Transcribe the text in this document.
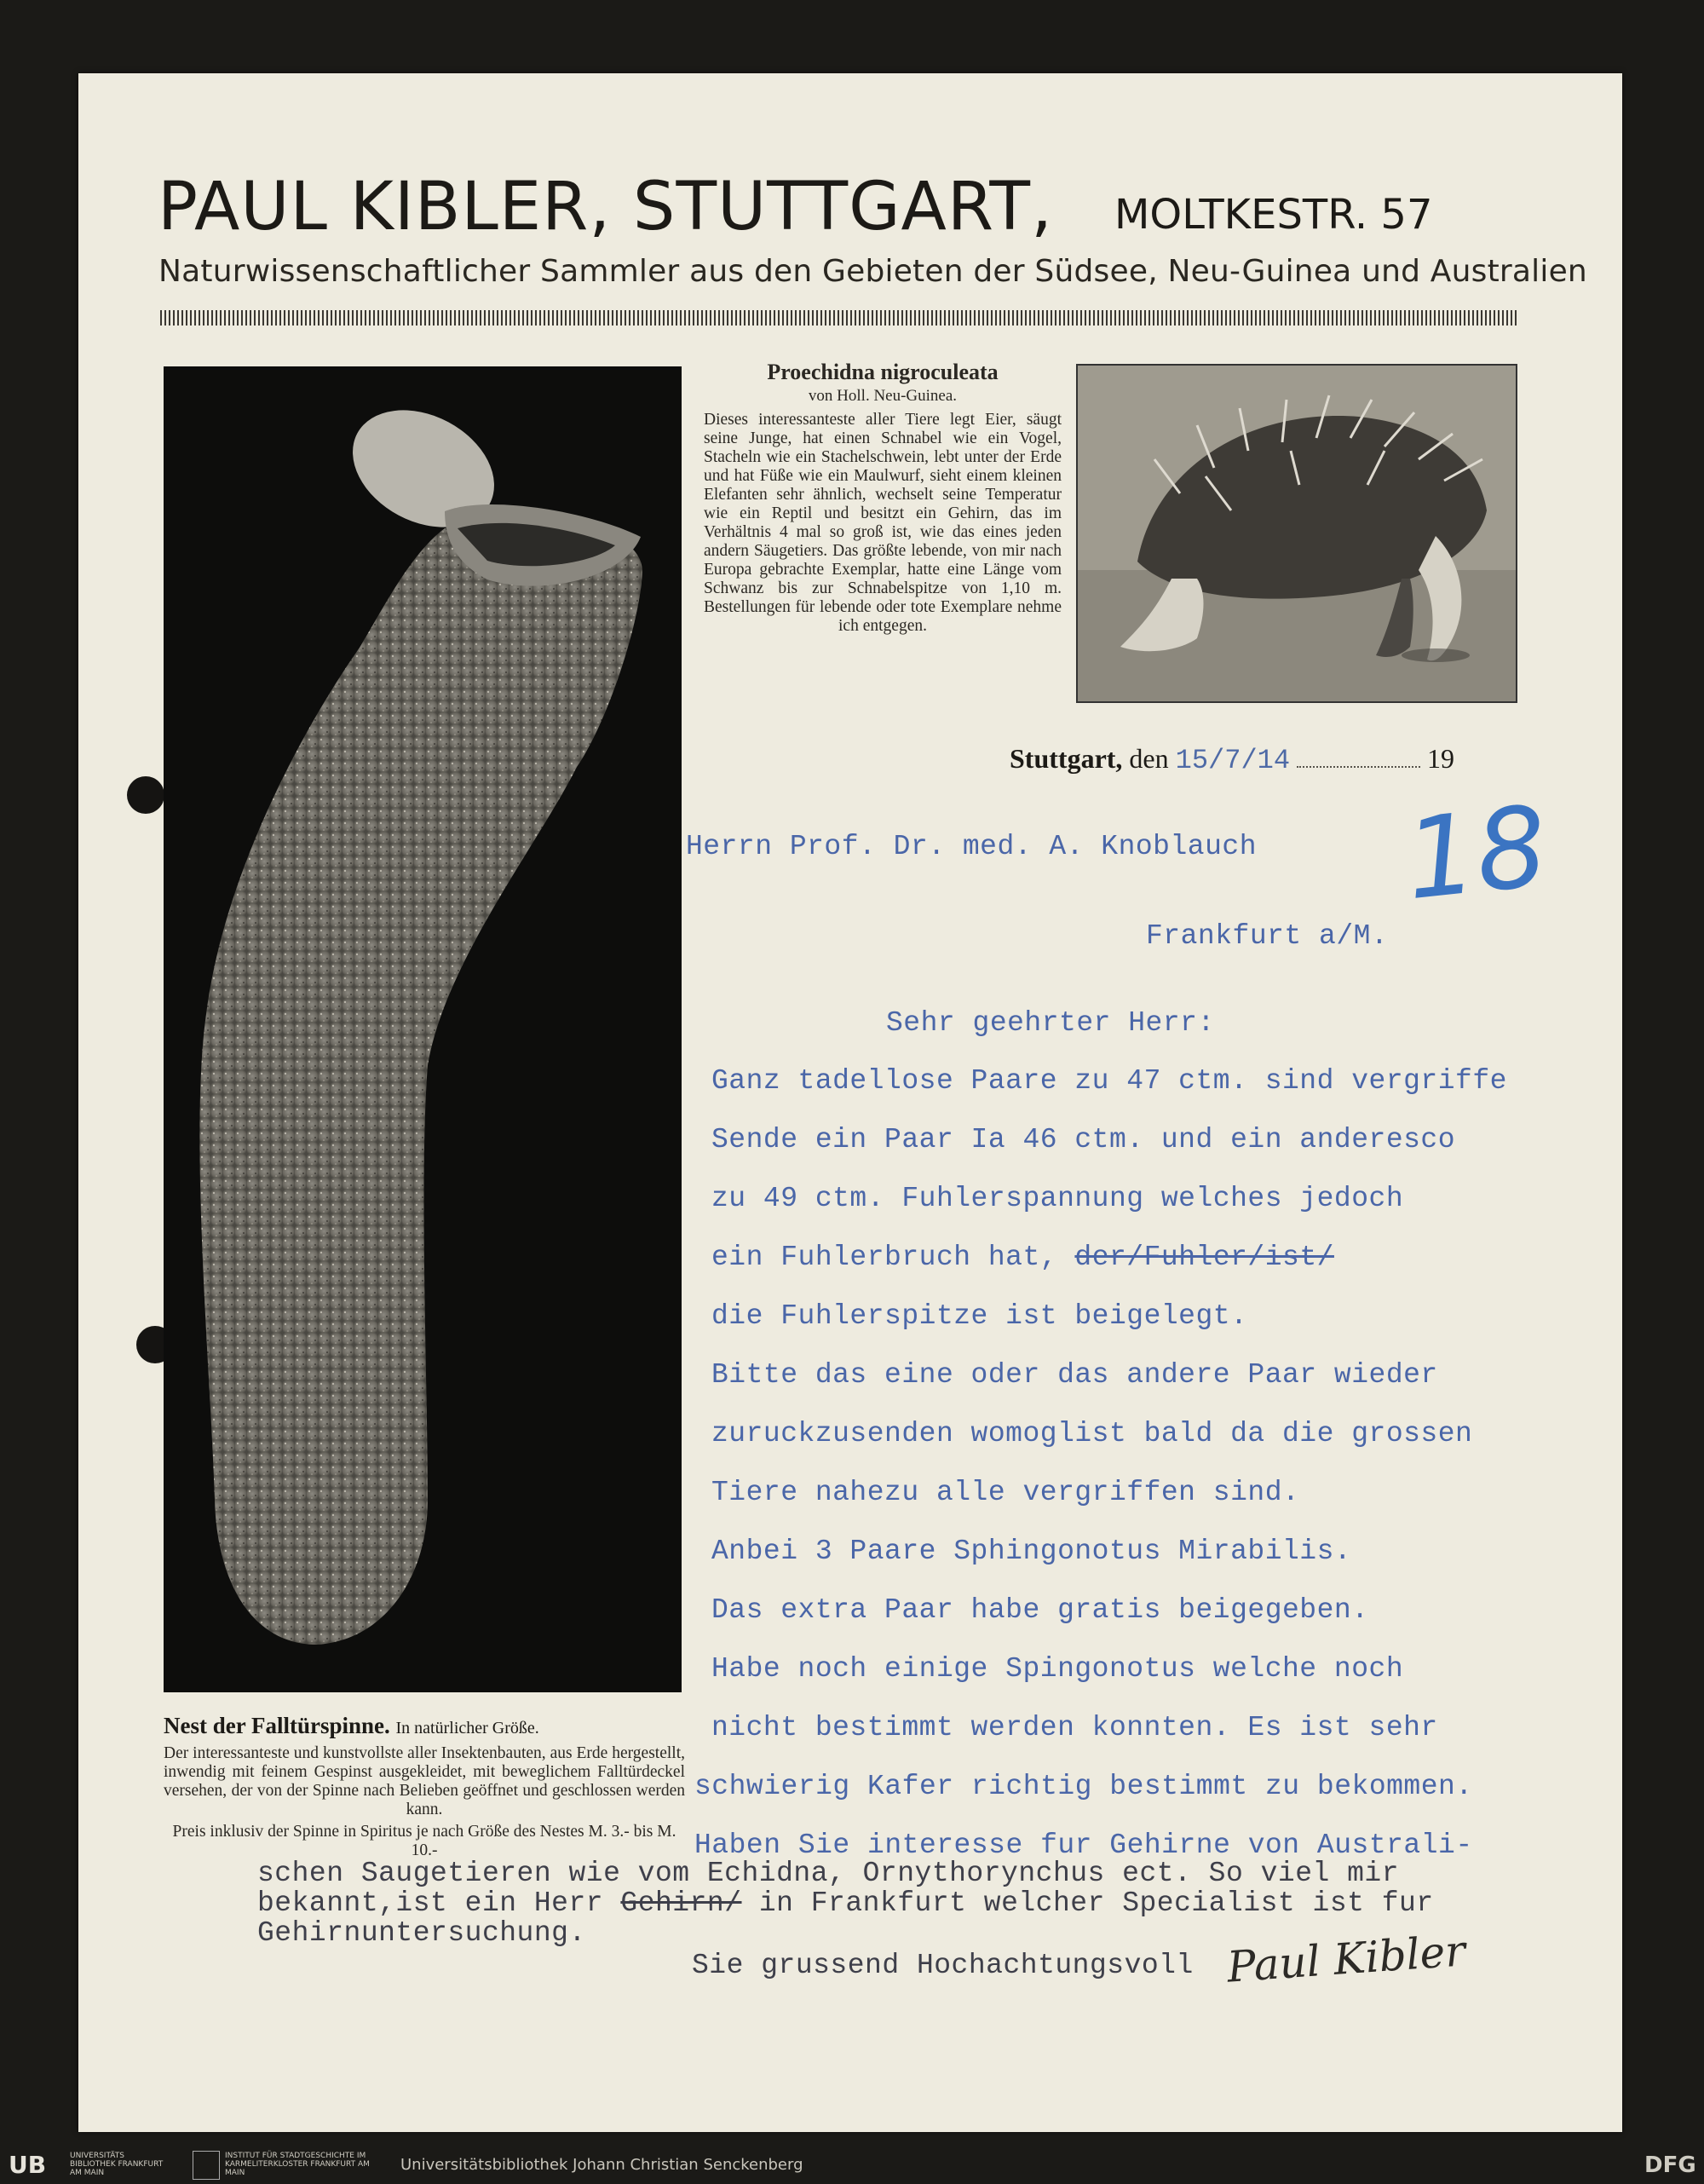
PAUL KIBLER, STUTTGART, MOLTKESTR. 57
Naturwissenschaftlicher Sammler aus den Gebieten der Südsee, Neu-Guinea und Australien
Nest der Falltürspinne. In natürlicher Größe.
Der interessanteste und kunstvollste aller Insektenbauten, aus Erde hergestellt, inwendig mit feinem Gespinst ausgekleidet, mit beweglichem Falltürdeckel versehen, der von der Spinne nach Belieben geöffnet und geschlossen werden kann.
Preis inklusiv der Spinne in Spiritus je nach Größe des Nestes M. 3.- bis M. 10.-
Proechidna nigroculeata
von Holl. Neu-Guinea.
Dieses interessanteste aller Tiere legt Eier, säugt seine Junge, hat einen Schnabel wie ein Vogel, Stacheln wie ein Stachelschwein, lebt unter der Erde und hat Füße wie ein Maulwurf, sieht einem kleinen Elefanten sehr ähnlich, wechselt seine Temperatur wie ein Reptil und besitzt ein Gehirn, das im Verhältnis 4 mal so groß ist, wie das eines jeden andern Säugetiers. Das größte lebende, von mir nach Europa gebrachte Exemplar, hatte eine Länge vom Schwanz bis zur Schnabelspitze von 1,10 m. Bestellungen für lebende oder tote Exemplare nehme ich entgegen.
Stuttgart, den 15/7/14	19
18
Herrn Prof. Dr. med. A. Knoblauch
Frankfurt a/M.
Sehr geehrter Herr:
Ganz tadellose Paare zu 47 ctm. sind vergriffe
Sende ein Paar Ia 46 ctm. und ein anderesco
zu 49 ctm. Fuhlerspannung welches jedoch
ein Fuhlerbruch hat, der/Fuhler/ist/
die Fuhlerspitze ist beigelegt.
Bitte das eine oder das andere Paar wieder
zuruckzusenden womoglist bald da die grossen
Tiere nahezu alle vergriffen sind.
Anbei 3 Paare Sphingonotus Mirabilis.
Das extra Paar habe gratis beigegeben.
Habe noch einige Spingonotus welche noch
nicht bestimmt werden konnten. Es ist sehr
schwierig Kafer richtig bestimmt zu bekommen.
Haben Sie interesse fur Gehirne von Australi-
schen Saugetieren wie vom Echidna, Ornythorynchus ect. So viel mir
bekannt,ist ein Herr Gehirn/ in Frankfurt welcher Specialist ist fur
Gehirnuntersuchung.
Sie grussend Hochachtungsvoll Paul Kibler
UB	UNIVERSITÄTS BIBLIOTHEK FRANKFURT AM MAIN
INSTITUT FÜR STADTGESCHICHTE IM KARMELITERKLOSTER FRANKFURT AM MAIN	Universitätsbibliothek Johann Christian Senckenberg	DFG
